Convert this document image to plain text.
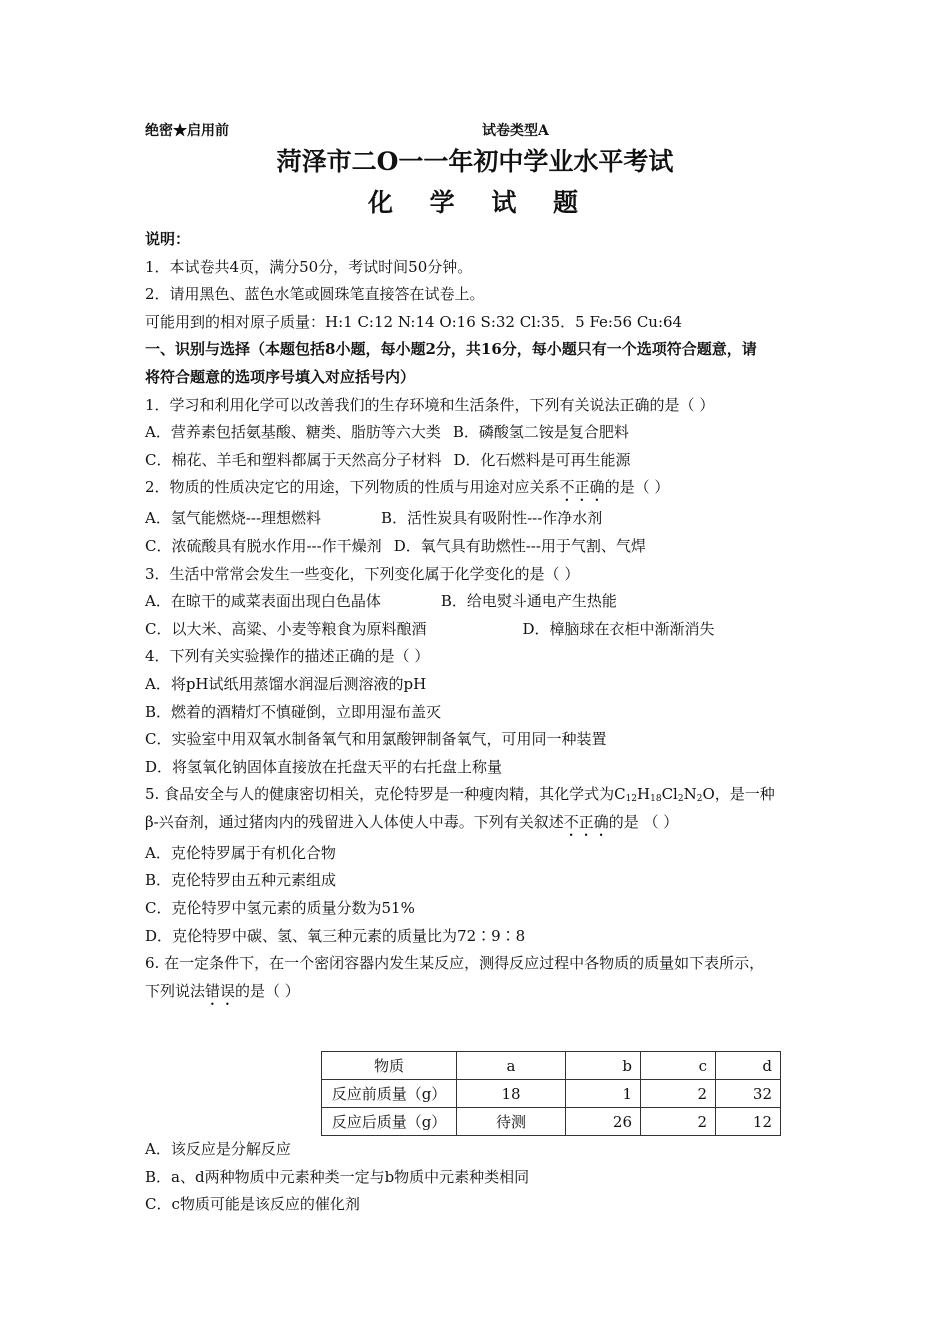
绝密★启用前	试卷类型A
菏泽市二O一一年初中学业水平考试
化 学 试 题
说明：
1．本试卷共4页，满分50分，考试时间50分钟。
2．请用黑色、蓝色水笔或圆珠笔直接答在试卷上。
可能用到的相对原子质量：H:1 C:12 N:14 O:16 S:32 Cl:35．5 Fe:56 Cu:64
一、识别与选择（本题包括8小题，每小题2分，共16分，每小题只有一个选项符合题意，请
将符合题意的选项序号填入对应括号内）
1．学习和利用化学可以改善我们的生存环境和生活条件，下列有关说法正确的是（ ）
A．营养素包括氨基酸、糖类、脂肪等六大类 B．磷酸氢二铵是复合肥料
C．棉花、羊毛和塑料都属于天然高分子材料 D．化石燃料是可再生能源
2．物质的性质决定它的用途，下列物质的性质与用途对应关系不正确的是（ ）
A．氢气能燃烧---理想燃料	B．活性炭具有吸附性---作净水剂
C．浓硫酸具有脱水作用---作干燥剂 D．氧气具有助燃性---用于气割、气焊
3．生活中常常会发生一些变化，下列变化属于化学变化的是（ ）
A．在晾干的咸菜表面出现白色晶体	B．给电熨斗通电产生热能
C．以大米、高粱、小麦等粮食为原料酿酒	D．樟脑球在衣柜中渐渐消失
4．下列有关实验操作的描述正确的是（ ）
A．将pH试纸用蒸馏水润湿后测溶液的pH
B．燃着的酒精灯不慎碰倒，立即用湿布盖灭
C．实验室中用双氧水制备氧气和用氯酸钾制备氧气，可用同一种装置
D．将氢氧化钠固体直接放在托盘天平的右托盘上称量
5. 食品安全与人的健康密切相关，克伦特罗是一种瘦肉精，其化学式为$C_{12}H_{18}Cl_2N_2O$，是一种
β-兴奋剂，通过猪肉内的残留进入人体使人中毒。下列有关叙述不正确的是 （ ）
A．克伦特罗属于有机化合物
B．克伦特罗由五种元素组成
C．克伦特罗中氢元素的质量分数为51%
D．克伦特罗中碳、氢、氧三种元素的质量比为72∶9∶8
6. 在一定条件下，在一个密闭容器内发生某反应，测得反应过程中各物质的质量如下表所示，
下列说法错误的是（ ）
物质	a	b	c	d
反应前质量（g）	18	1	2	32
反应后质量（g）	待测	26	2	12
A．该反应是分解反应
B．a、d两种物质中元素种类一定与b物质中元素种类相同
C．c物质可能是该反应的催化剂
